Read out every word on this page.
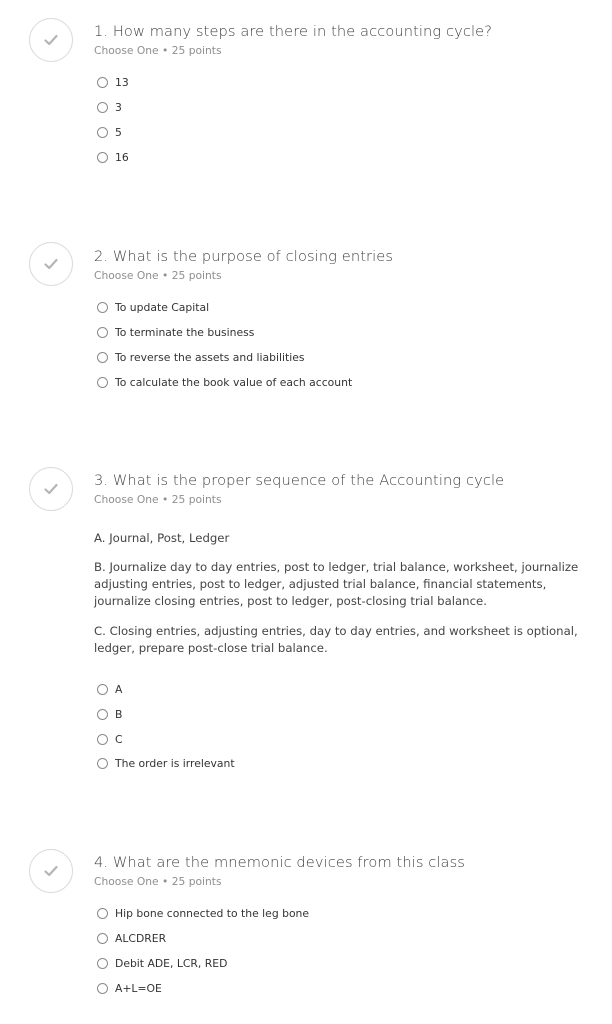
1. How many steps are there in the accounting cycle?
Choose One • 25 points
13
3
5
16
2. What is the purpose of closing entries
Choose One • 25 points
To update Capital
To terminate the business
To reverse the assets and liabilities
To calculate the book value of each account
3. What is the proper sequence of the Accounting cycle
Choose One • 25 points

A. Journal, Post, Ledger

B. Journalize day to day entries, post to ledger, trial balance, worksheet, journalize adjusting entries, post to ledger, adjusted trial balance, financial statements, journalize closing entries, post to ledger, post-closing trial balance.

C. Closing entries, adjusting entries, day to day entries, and worksheet is optional, ledger, prepare post-close trial balance.

A
B
C
The order is irrelevant
4. What are the mnemonic devices from this class
Choose One • 25 points
Hip bone connected to the leg bone
ALCDRER
Debit ADE, LCR, RED
A+L=OE
